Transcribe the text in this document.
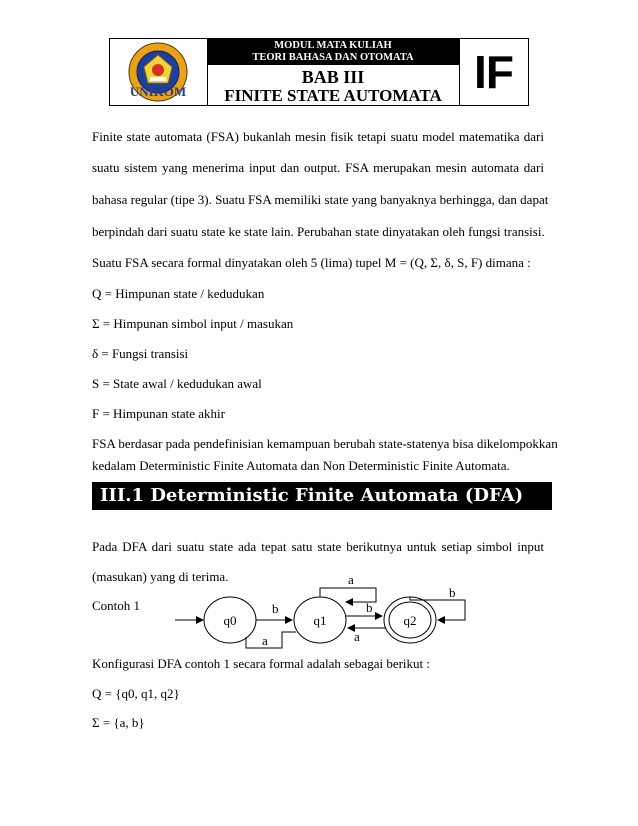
UNIKOM
MODUL MATA KULIAH
TEORI BAHASA DAN OTOMATA
BAB III
FINITE STATE AUTOMATA IF
Finite state automata (FSA) bukanlah mesin fisik tetapi suatu model matematika dari
suatu sistem yang menerima input dan output. FSA merupakan mesin automata dari
bahasa regular (tipe 3). Suatu FSA memiliki state yang banyaknya berhingga, dan dapat
berpindah dari suatu state ke state lain. Perubahan state dinyatakan oleh fungsi transisi.
Suatu FSA secara formal dinyatakan oleh 5 (lima) tupel M = (Q, Σ, δ, S, F) dimana :
Q = Himpunan state / kedudukan
Σ = Himpunan simbol input / masukan
δ = Fungsi transisi
S = State awal / kedudukan awal
F = Himpunan state akhir
FSA berdasar pada pendefinisian kemampuan berubah state-statenya bisa dikelompokkan
kedalam Deterministic Finite Automata dan Non Deterministic Finite Automata.
III.1 Deterministic Finite Automata (DFA)
Pada DFA dari suatu state ada tepat satu state berikutnya untuk setiap simbol input
(masukan) yang di terima.
Contoh 1
q0	q1	q2
b
a
a
b
a
b
Konfigurasi DFA contoh 1 secara formal adalah sebagai berikut :
Q = {q0, q1, q2}
Σ = {a, b}
